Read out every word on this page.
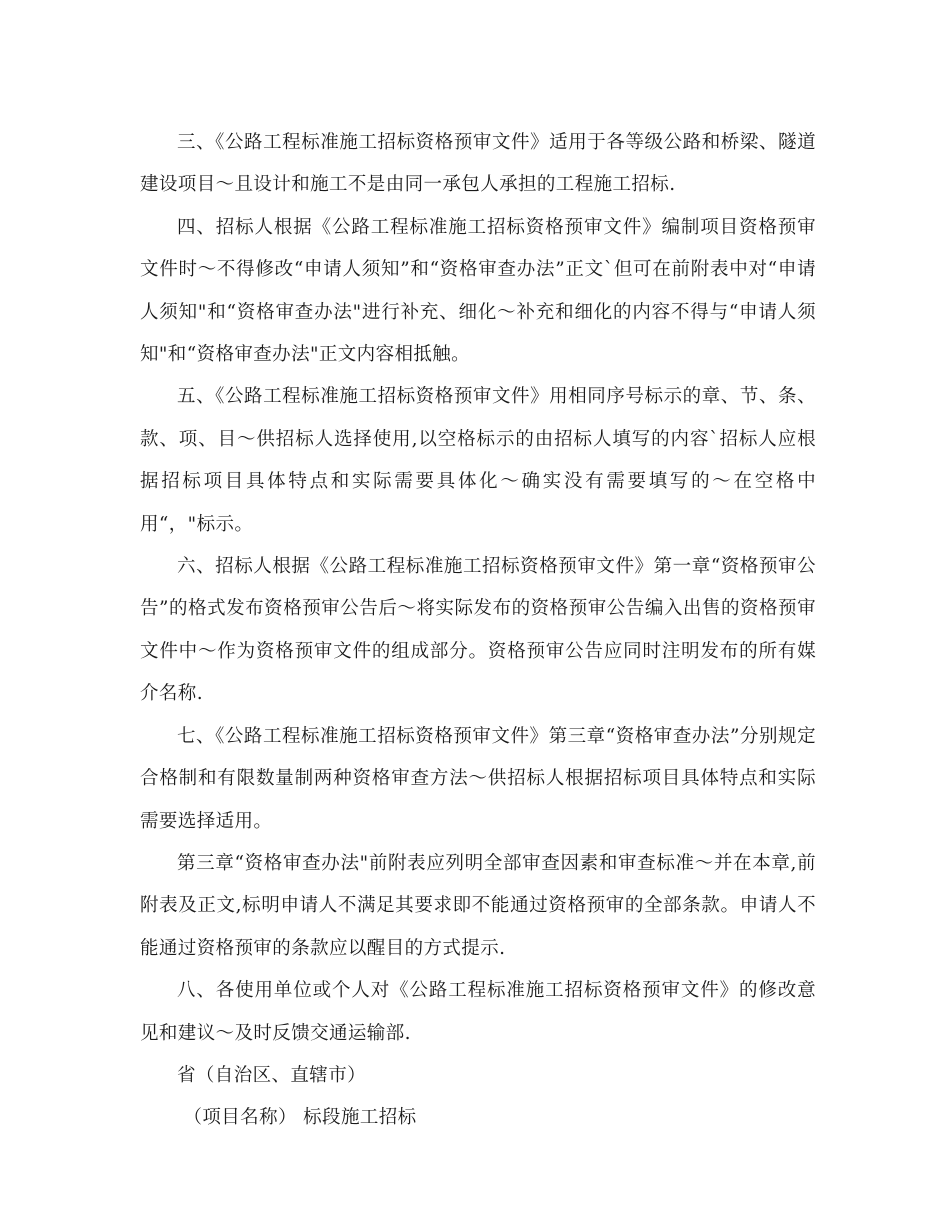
三、《公路工程标准施工招标资格预审文件》适用于各等级公路和桥梁、隧道建设项目～且设计和施工不是由同一承包人承担的工程施工招标.

四、招标人根据《公路工程标准施工招标资格预审文件》编制项目资格预审文件时～不得修改“申请人须知”和“资格审查办法”正文`但可在前附表中对“申请人须知"和“资格审查办法"进行补充、细化～补充和细化的内容不得与“申请人须知"和“资格审查办法"正文内容相抵触。

五、《公路工程标准施工招标资格预审文件》用相同序号标示的章、节、条、款、项、目～供招标人选择使用,以空格标示的由招标人填写的内容`招标人应根据招标项目具体特点和实际需要具体化～确实没有需要填写的～在空格中用“，"标示。

六、招标人根据《公路工程标准施工招标资格预审文件》第一章“资格预审公告”的格式发布资格预审公告后～将实际发布的资格预审公告编入出售的资格预审文件中～作为资格预审文件的组成部分。资格预审公告应同时注明发布的所有媒介名称.

七、《公路工程标准施工招标资格预审文件》第三章“资格审查办法”分别规定合格制和有限数量制两种资格审查方法～供招标人根据招标项目具体特点和实际需要选择适用。

第三章“资格审查办法"前附表应列明全部审查因素和审查标准～并在本章,前附表及正文,标明申请人不满足其要求即不能通过资格预审的全部条款。申请人不能通过资格预审的条款应以醒目的方式提示.

八、各使用单位或个人对《公路工程标准施工招标资格预审文件》的修改意见和建议～及时反馈交通运输部.

省（自治区、直辖市）

（项目名称） 标段施工招标
